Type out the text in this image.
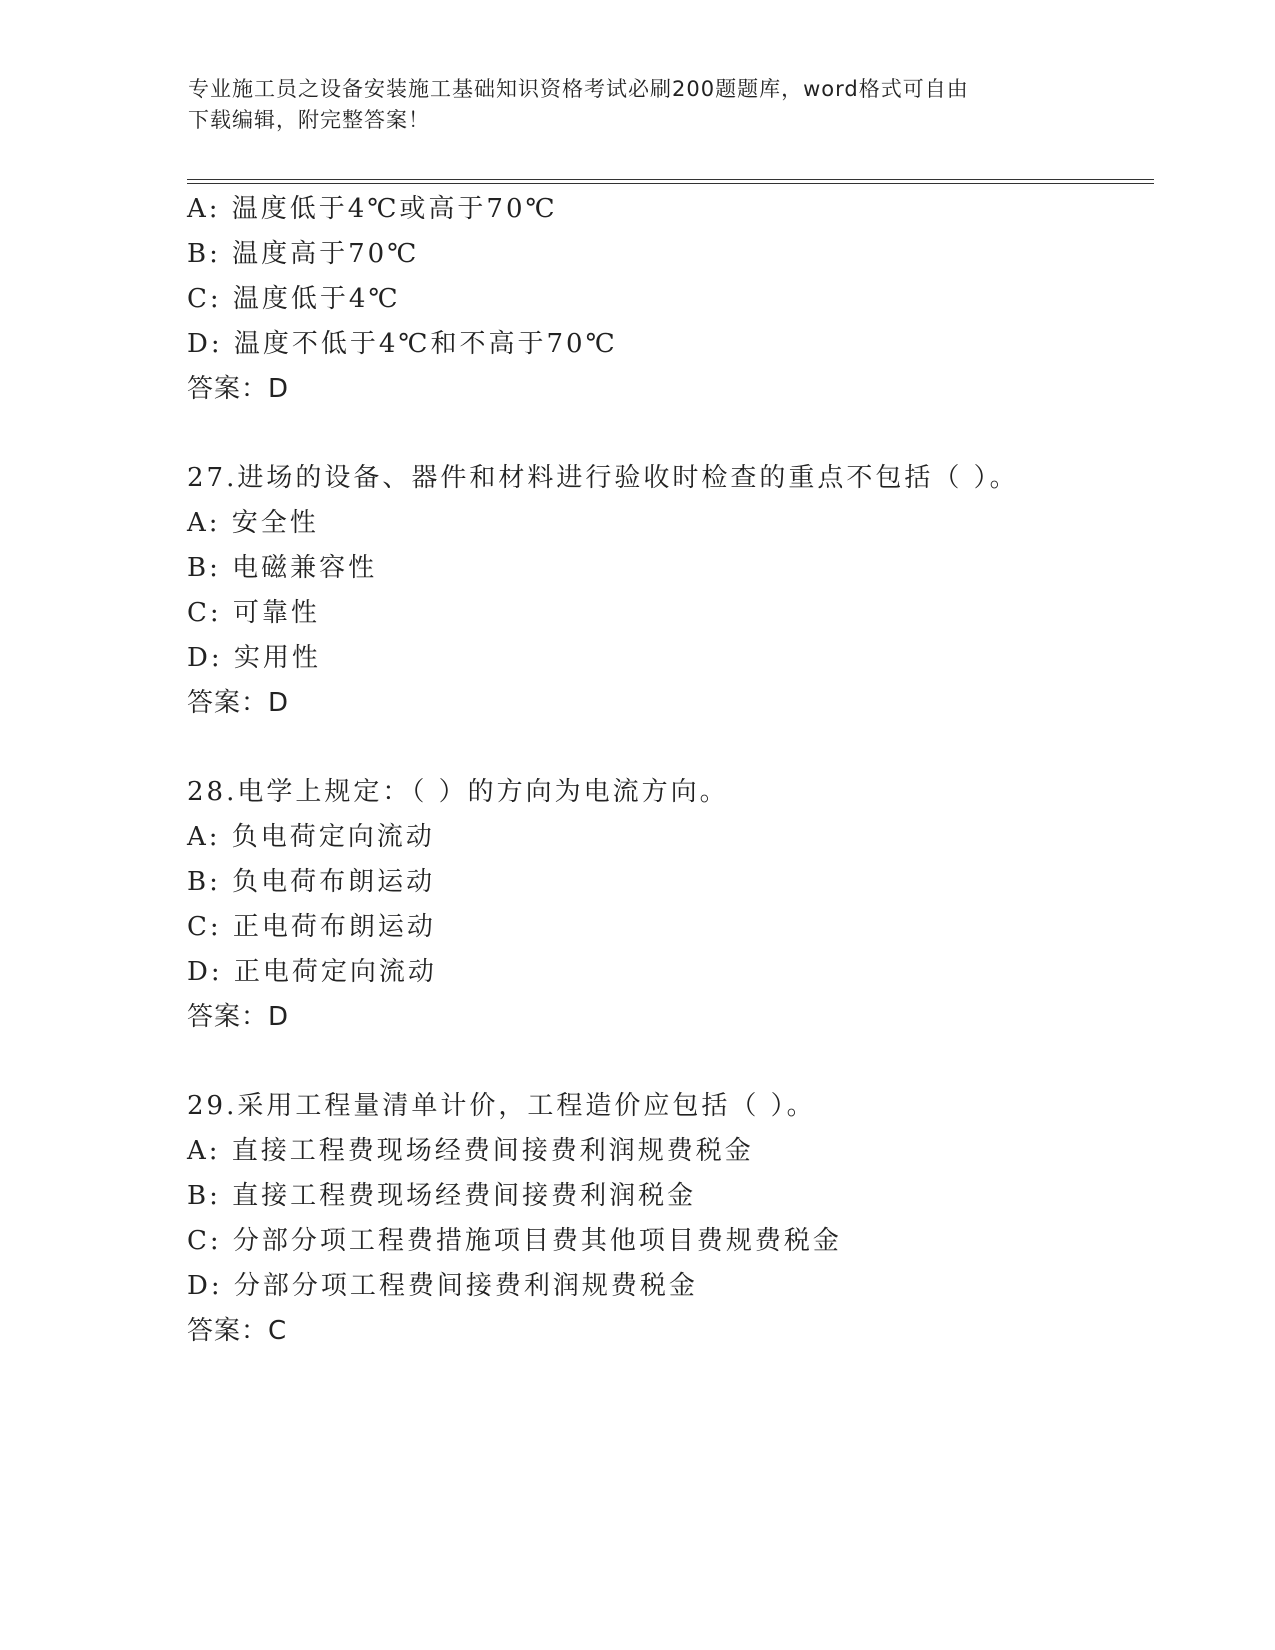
专业施工员之设备安装施工基础知识资格考试必刷200题题库，word格式可自由
下载编辑，附完整答案！
A: 温度低于4℃或高于70℃
B: 温度高于70℃
C: 温度低于4℃
D: 温度不低于4℃和不高于70℃
答案：D
27.进场的设备、器件和材料进行验收时检查的重点不包括（ ）。
A: 安全性
B: 电磁兼容性
C: 可靠性
D: 实用性
答案：D
28.电学上规定：（ ）的方向为电流方向。
A: 负电荷定向流动
B: 负电荷布朗运动
C: 正电荷布朗运动
D: 正电荷定向流动
答案：D
29.采用工程量清单计价，工程造价应包括（ ）。
A: 直接工程费现场经费间接费利润规费税金
B: 直接工程费现场经费间接费利润税金
C: 分部分项工程费措施项目费其他项目费规费税金
D: 分部分项工程费间接费利润规费税金
答案：C
